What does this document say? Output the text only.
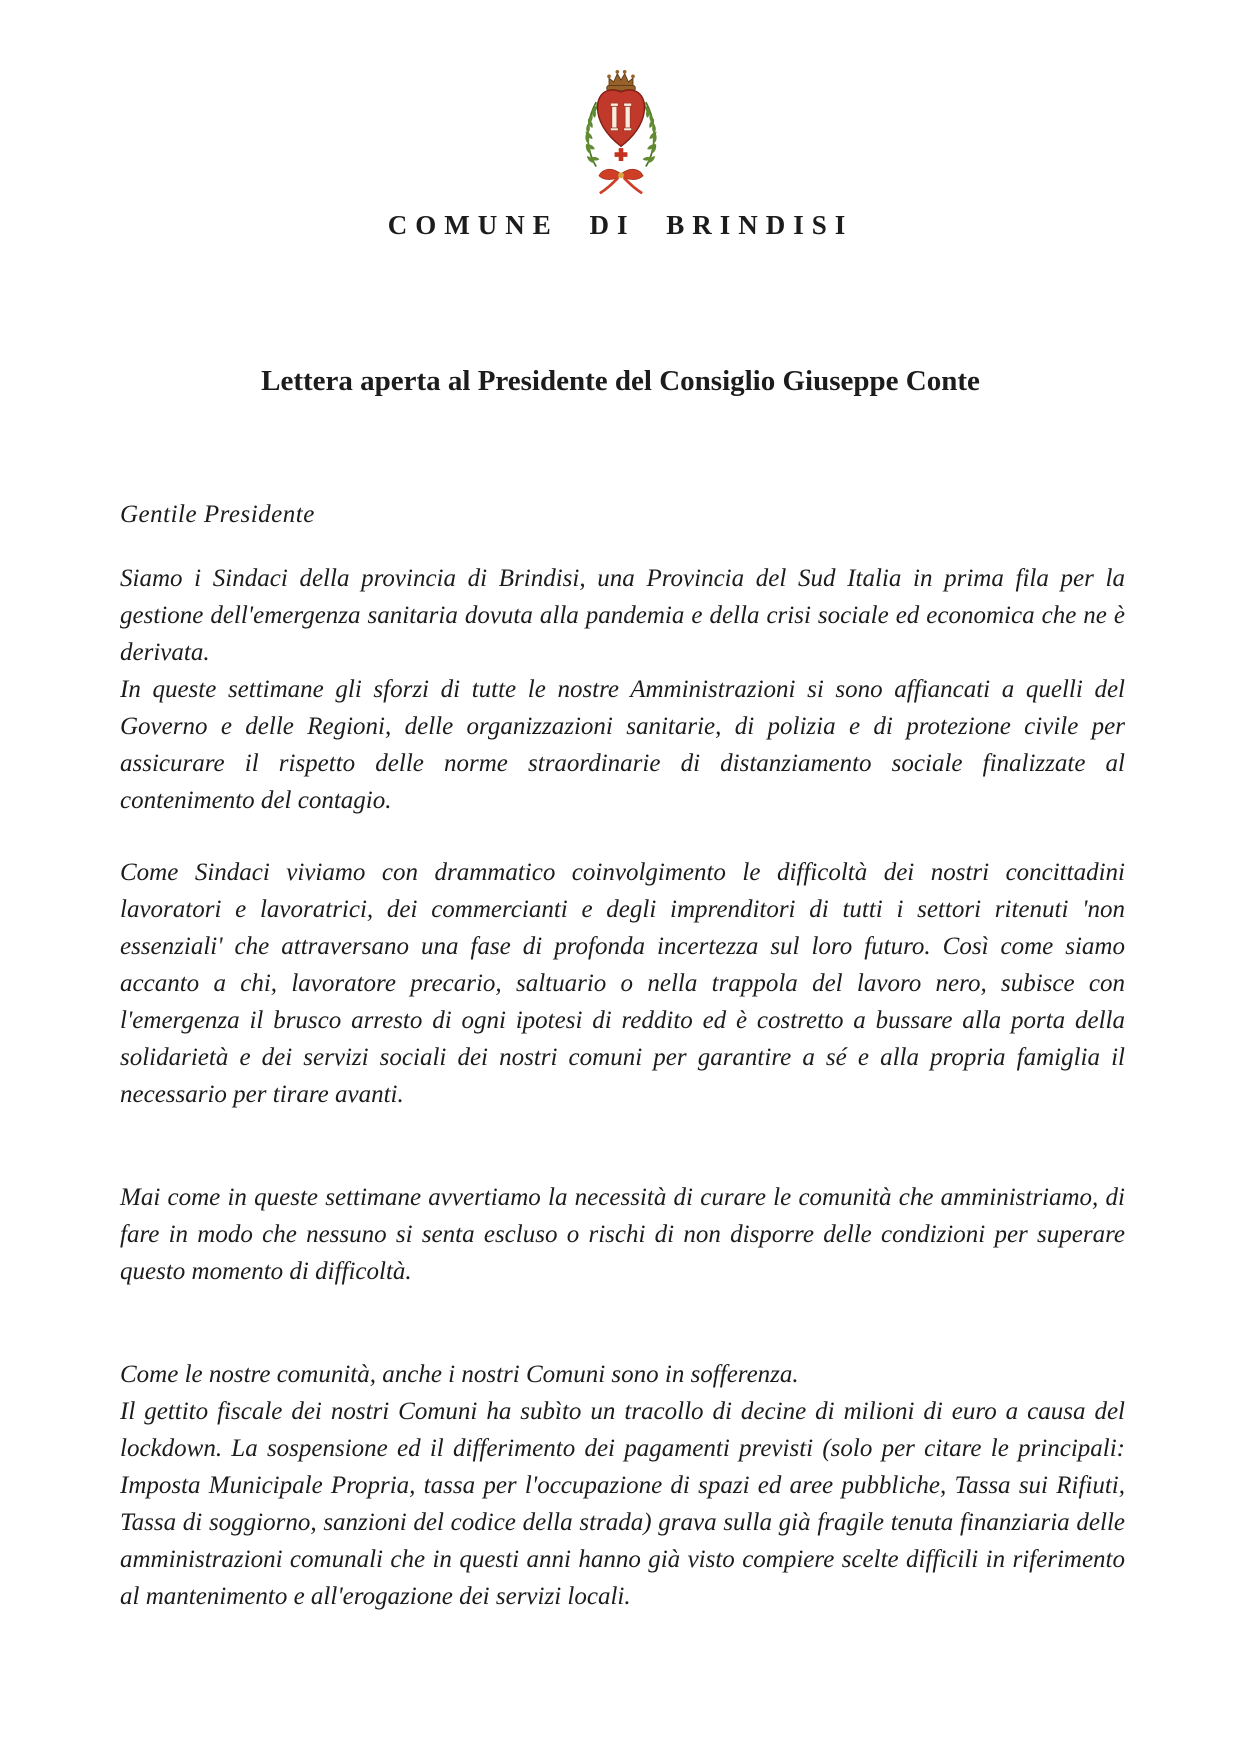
COMUNE DI BRINDISI
Lettera aperta al Presidente del Consiglio Giuseppe Conte

Gentile Presidente

Siamo i Sindaci della provincia di Brindisi, una Provincia del Sud Italia in prima fila per la gestione dell'emergenza sanitaria dovuta alla pandemia e della crisi sociale ed economica che ne è derivata.

In queste settimane gli sforzi di tutte le nostre Amministrazioni si sono affiancati a quelli del Governo e delle Regioni, delle organizzazioni sanitarie, di polizia e di protezione civile per assicurare il rispetto delle norme straordinarie di distanziamento sociale finalizzate al contenimento del contagio.

Come Sindaci viviamo con drammatico coinvolgimento le difficoltà dei nostri concittadini lavoratori e lavoratrici, dei commercianti e degli imprenditori di tutti i settori ritenuti 'non essenziali' che attraversano una fase di profonda incertezza sul loro futuro. Così come siamo accanto a chi, lavoratore precario, saltuario o nella trappola del lavoro nero, subisce con l'emergenza il brusco arresto di ogni ipotesi di reddito ed è costretto a bussare alla porta della solidarietà e dei servizi sociali dei nostri comuni per garantire a sé e alla propria famiglia il necessario per tirare avanti.

Mai come in queste settimane avvertiamo la necessità di curare le comunità che amministriamo, di fare in modo che nessuno si senta escluso o rischi di non disporre delle condizioni per superare questo momento di difficoltà.

Come le nostre comunità, anche i nostri Comuni sono in sofferenza.

Il gettito fiscale dei nostri Comuni ha subìto un tracollo di decine di milioni di euro a causa del lockdown. La sospensione ed il differimento dei pagamenti previsti (solo per citare le principali: Imposta Municipale Propria, tassa per l'occupazione di spazi ed aree pubbliche, Tassa sui Rifiuti, Tassa di soggiorno, sanzioni del codice della strada) grava sulla già fragile tenuta finanziaria delle amministrazioni comunali che in questi anni hanno già visto compiere scelte difficili in riferimento al mantenimento e all'erogazione dei servizi locali.
